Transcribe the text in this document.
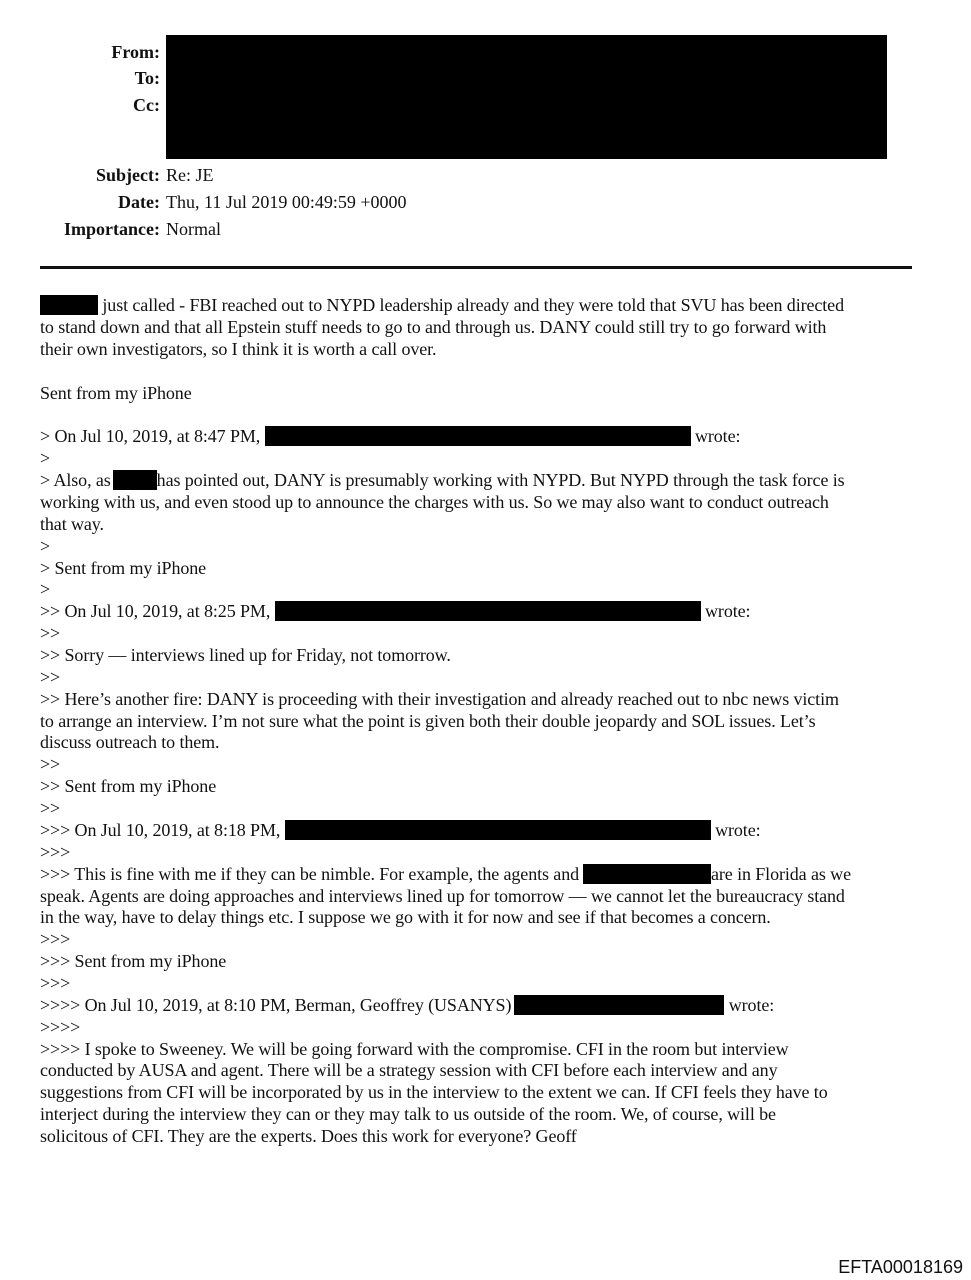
From:
To:
Cc:
Subject: Re: JE
Date: Thu, 11 Jul 2019 00:49:59 +0000
Importance: Normal
just called - FBI reached out to NYPD leadership already and they were told that SVU has been directed
to stand down and that all Epstein stuff needs to go to and through us. DANY could still try to go forward with
their own investigators, so I think it is worth a call over.
Sent from my iPhone
> On Jul 10, 2019, at 8:47 PM,	wrote:
>
> Also, as	has pointed out, DANY is presumably working with NYPD. But NYPD through the task force is
working with us, and even stood up to announce the charges with us. So we may also want to conduct outreach
that way.
>
> Sent from my iPhone
>
>> On Jul 10, 2019, at 8:25 PM,	wrote:
>>
>> Sorry — interviews lined up for Friday, not tomorrow.
>>
>> Here’s another fire: DANY is proceeding with their investigation and already reached out to nbc news victim
to arrange an interview. I’m not sure what the point is given both their double jeopardy and SOL issues. Let’s
discuss outreach to them.
>>
>> Sent from my iPhone
>>
>>> On Jul 10, 2019, at 8:18 PM,	wrote:
>>>
>>> This is fine with me if they can be nimble. For example, the agents and	are in Florida as we
speak. Agents are doing approaches and interviews lined up for tomorrow — we cannot let the bureaucracy stand
in the way, have to delay things etc. I suppose we go with it for now and see if that becomes a concern.
>>>
>>> Sent from my iPhone
>>>
>>>> On Jul 10, 2019, at 8:10 PM, Berman, Geoffrey (USANYS)	wrote:
>>>>
>>>> I spoke to Sweeney. We will be going forward with the compromise. CFI in the room but interview
conducted by AUSA and agent. There will be a strategy session with CFI before each interview and any
suggestions from CFI will be incorporated by us in the interview to the extent we can. If CFI feels they have to
interject during the interview they can or they may talk to us outside of the room. We, of course, will be
solicitous of CFI. They are the experts. Does this work for everyone? Geoff
EFTA00018169
